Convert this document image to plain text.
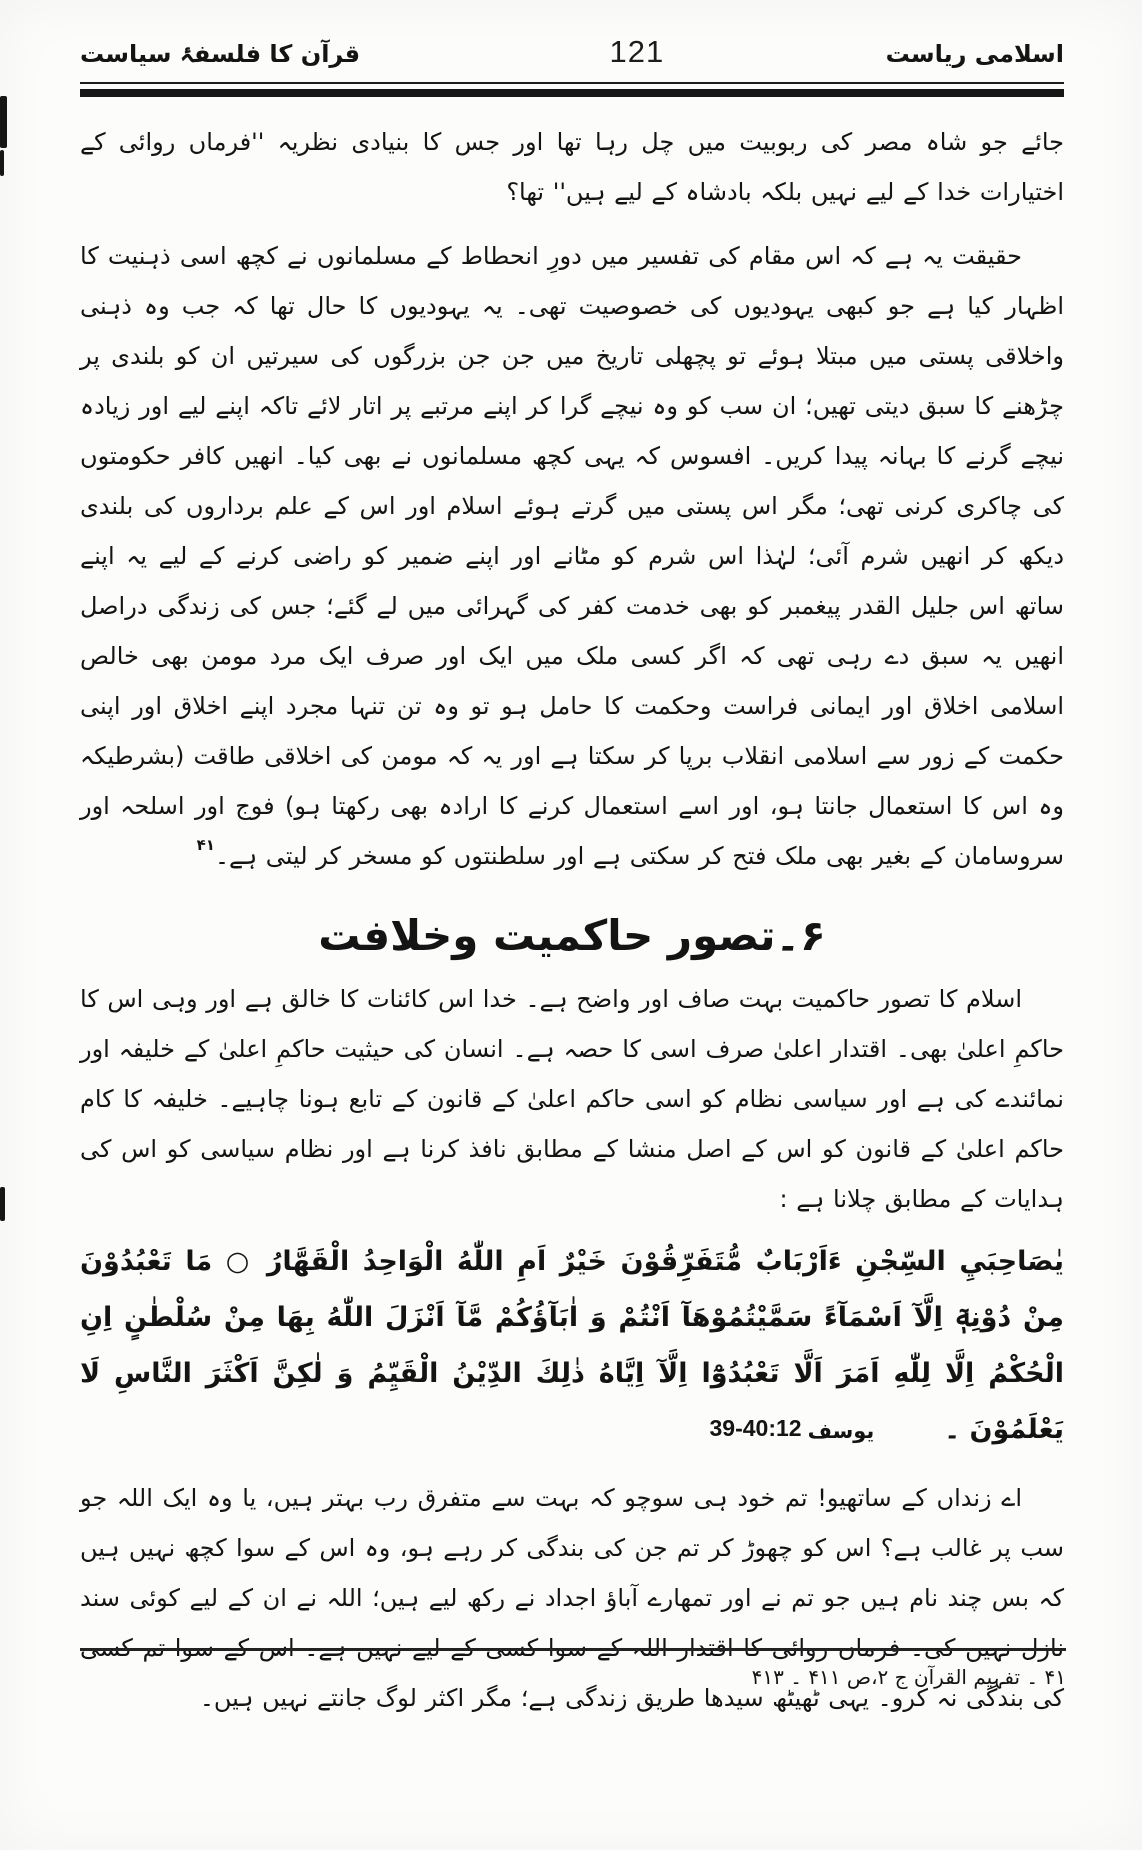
اسلامی ریاست
121
قرآن کا فلسفۂ سیاست

جائے جو شاہ مصر کی ربوبیت میں چل رہا تھا اور جس کا بنیادی نظریہ ''فرماں روائی کے اختیارات خدا کے لیے نہیں بلکہ بادشاہ کے لیے ہیں'' تھا؟

حقیقت یہ ہے کہ اس مقام کی تفسیر میں دورِ انحطاط کے مسلمانوں نے کچھ اسی ذہنیت کا اظہار کیا ہے جو کبھی یہودیوں کی خصوصیت تھی۔ یہ یہودیوں کا حال تھا کہ جب وہ ذہنی واخلاقی پستی میں مبتلا ہوئے تو پچھلی تاریخ میں جن جن بزرگوں کی سیرتیں ان کو بلندی پر چڑھنے کا سبق دیتی تھیں؛ ان سب کو وہ نیچے گرا کر اپنے مرتبے پر اتار لائے تاکہ اپنے لیے اور زیادہ نیچے گرنے کا بہانہ پیدا کریں۔ افسوس کہ یہی کچھ مسلمانوں نے بھی کیا۔ انھیں کافر حکومتوں کی چاکری کرنی تھی؛ مگر اس پستی میں گرتے ہوئے اسلام اور اس کے علم برداروں کی بلندی دیکھ کر انھیں شرم آئی؛ لہٰذا اس شرم کو مٹانے اور اپنے ضمیر کو راضی کرنے کے لیے یہ اپنے ساتھ اس جلیل القدر پیغمبر کو بھی خدمت کفر کی گہرائی میں لے گئے؛ جس کی زندگی دراصل انھیں یہ سبق دے رہی تھی کہ اگر کسی ملک میں ایک اور صرف ایک مرد مومن بھی خالص اسلامی اخلاق اور ایمانی فراست وحکمت کا حامل ہو تو وہ تن تنہا مجرد اپنے اخلاق اور اپنی حکمت کے زور سے اسلامی انقلاب برپا کر سکتا ہے اور یہ کہ مومن کی اخلاقی طاقت (بشرطیکہ وہ اس کا استعمال جانتا ہو، اور اسے استعمال کرنے کا ارادہ بھی رکھتا ہو) فوج اور اسلحہ اور سروسامان کے بغیر بھی ملک فتح کر سکتی ہے اور سلطنتوں کو مسخر کر لیتی ہے۔$^{۴۱}$

۶۔تصور حاکمیت وخلافت

اسلام کا تصور حاکمیت بہت صاف اور واضح ہے۔ خدا اس کائنات کا خالق ہے اور وہی اس کا حاکمِ اعلیٰ بھی۔ اقتدار اعلیٰ صرف اسی کا حصہ ہے۔ انسان کی حیثیت حاکمِ اعلیٰ کے خلیفہ اور نمائندے کی ہے اور سیاسی نظام کو اسی حاکم اعلیٰ کے قانون کے تابع ہونا چاہیے۔ خلیفہ کا کام حاکم اعلیٰ کے قانون کو اس کے اصل منشا کے مطابق نافذ کرنا ہے اور نظام سیاسی کو اس کی ہدایات کے مطابق چلانا ہے :

يٰصَاحِبَيِ السِّجْنِ ءَاَرْبَابٌ مُّتَفَرِّقُوْنَ خَيْرٌ اَمِ اللّٰهُ الْوَاحِدُ الْقَهَّارُ ○ مَا تَعْبُدُوْنَ مِنْ دُوْنِهٖٓ اِلَّآ اَسْمَآءً سَمَّيْتُمُوْهَآ اَنْتُمْ وَ اٰبَآؤُكُمْ مَّآ اَنْزَلَ اللّٰهُ بِهَا مِنْ سُلْطٰنٍ اِنِ الْحُكْمُ اِلَّا لِلّٰهِ اَمَرَ اَلَّا تَعْبُدُوْٓا اِلَّآ اِيَّاهُ ذٰلِكَ الدِّيْنُ الْقَيِّمُ وَ لٰكِنَّ اَكْثَرَ النَّاسِ لَا يَعْلَمُوْنَ ۔یوسف39-40:12

اے زنداں کے ساتھیو! تم خود ہی سوچو کہ بہت سے متفرق رب بہتر ہیں، یا وہ ایک اللہ جو سب پر غالب ہے؟ اس کو چھوڑ کر تم جن کی بندگی کر رہے ہو، وہ اس کے سوا کچھ نہیں ہیں کہ بس چند نام ہیں جو تم نے اور تمھارے آباؤ اجداد نے رکھ لیے ہیں؛ اللہ نے ان کے لیے کوئی سند نازل نہیں کی۔ فرماں روائی کا اقتدار اللہ کے سوا کسی کے لیے نہیں ہے۔ اس کے سوا تم کسی کی بندگی نہ کرو۔ یہی ٹھیٹھ سیدھا طریق زندگی ہے؛ مگر اکثر لوگ جانتے نہیں ہیں۔

۴۱ ۔ تفہیم القرآن ج ۲،ص ۴۱۱ ۔ ۴۱۳
